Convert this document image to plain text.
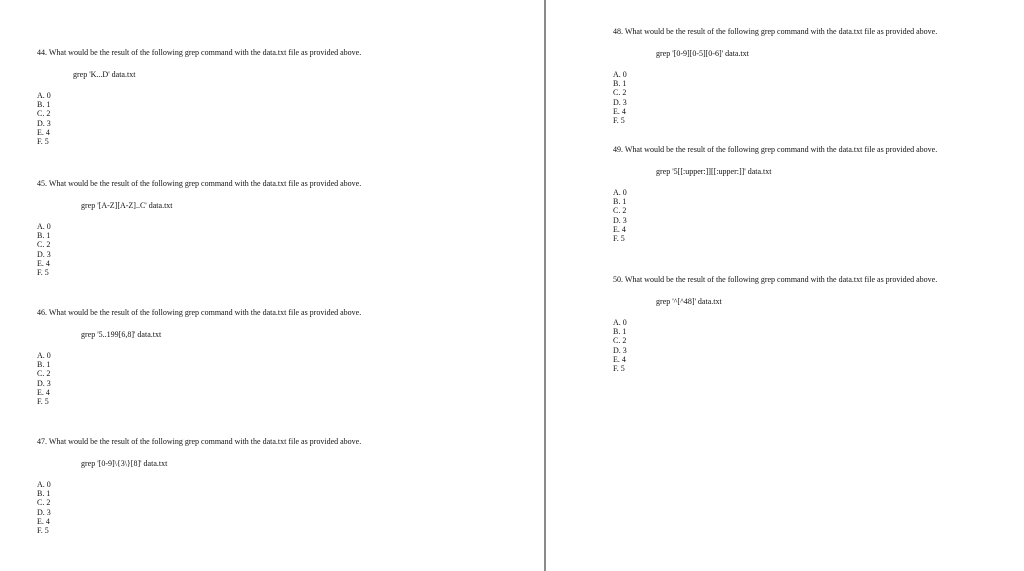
44. What would be the result of the following grep command with the data.txt file as provided above.
grep 'K...D' data.txt
A. 0
B. 1
C. 2
D. 3
E. 4
F. 5
45. What would be the result of the following grep command with the data.txt file as provided above.
grep '[A-Z][A-Z]..C' data.txt
A. 0
B. 1
C. 2
D. 3
E. 4
F. 5
46. What would be the result of the following grep command with the data.txt file as provided above.
grep '5..199[6,8]' data.txt
A. 0
B. 1
C. 2
D. 3
E. 4
F. 5
47. What would be the result of the following grep command with the data.txt file as provided above.
grep '[0-9]\{3\}[8]' data.txt
A. 0
B. 1
C. 2
D. 3
E. 4
F. 5
48. What would be the result of the following grep command with the data.txt file as provided above.
grep '[0-9][0-5][0-6]' data.txt
A. 0
B. 1
C. 2
D. 3
E. 4
F. 5
49. What would be the result of the following grep command with the data.txt file as provided above.
grep '5[[:upper:]][[:upper:]]' data.txt
A. 0
B. 1
C. 2
D. 3
E. 4
F. 5
50. What would be the result of the following grep command with the data.txt file as provided above.
grep '^[^48]' data.txt
A. 0
B. 1
C. 2
D. 3
E. 4
F. 5
